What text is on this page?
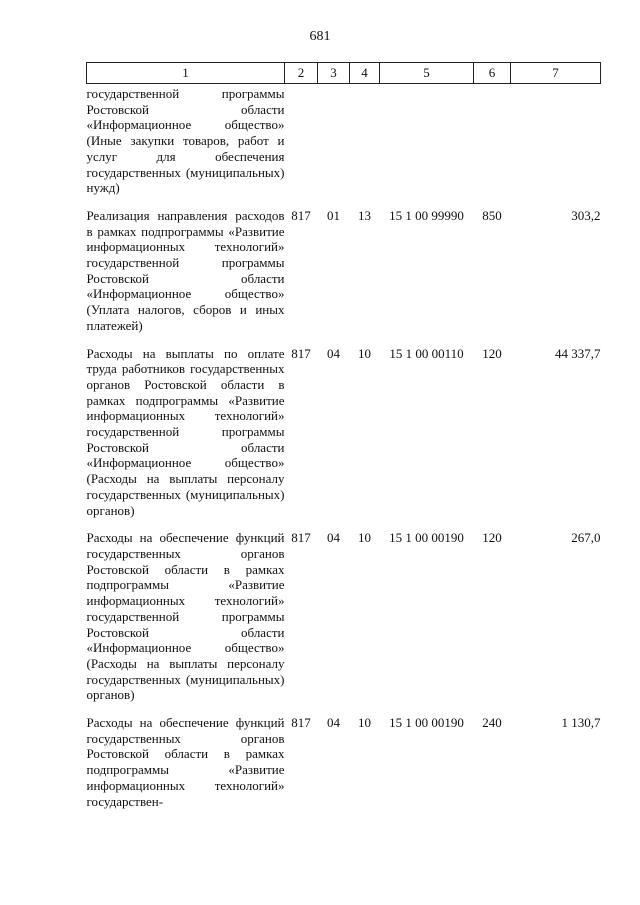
681
1	2	3	4	5	6	7

государственной программы Ростовской области «Информационное общество» (Иные закупки товаров, работ и услуг для обеспечения государственных (муниципальных) нужд)						

Реализация направления расходов в рамках подпрограммы «Развитие информационных технологий» государственной программы Ростовской области «Информационное общество» (Уплата налогов, сборов и иных платежей)	817	01	13	15 1 00 99990	850	303,2

Расходы на выплаты по оплате труда работников государственных органов Ростовской области в рамках подпрограммы «Развитие информационных технологий» государственной программы Ростовской области «Информационное общество» (Расходы на выплаты персоналу государственных (муниципальных) органов)	817	04	10	15 1 00 00110	120	44 337,7

Расходы на обеспечение функций государственных органов Ростовской области в рамках подпрограммы «Развитие информационных технологий» государственной программы Ростовской области «Информационное общество» (Расходы на выплаты персоналу государственных (муниципальных) органов)	817	04	10	15 1 00 00190	120	267,0

Расходы на обеспечение функций государственных органов Ростовской области в рамках подпрограммы «Развитие информационных технологий» государствен-	817	04	10	15 1 00 00190	240	1 130,7
